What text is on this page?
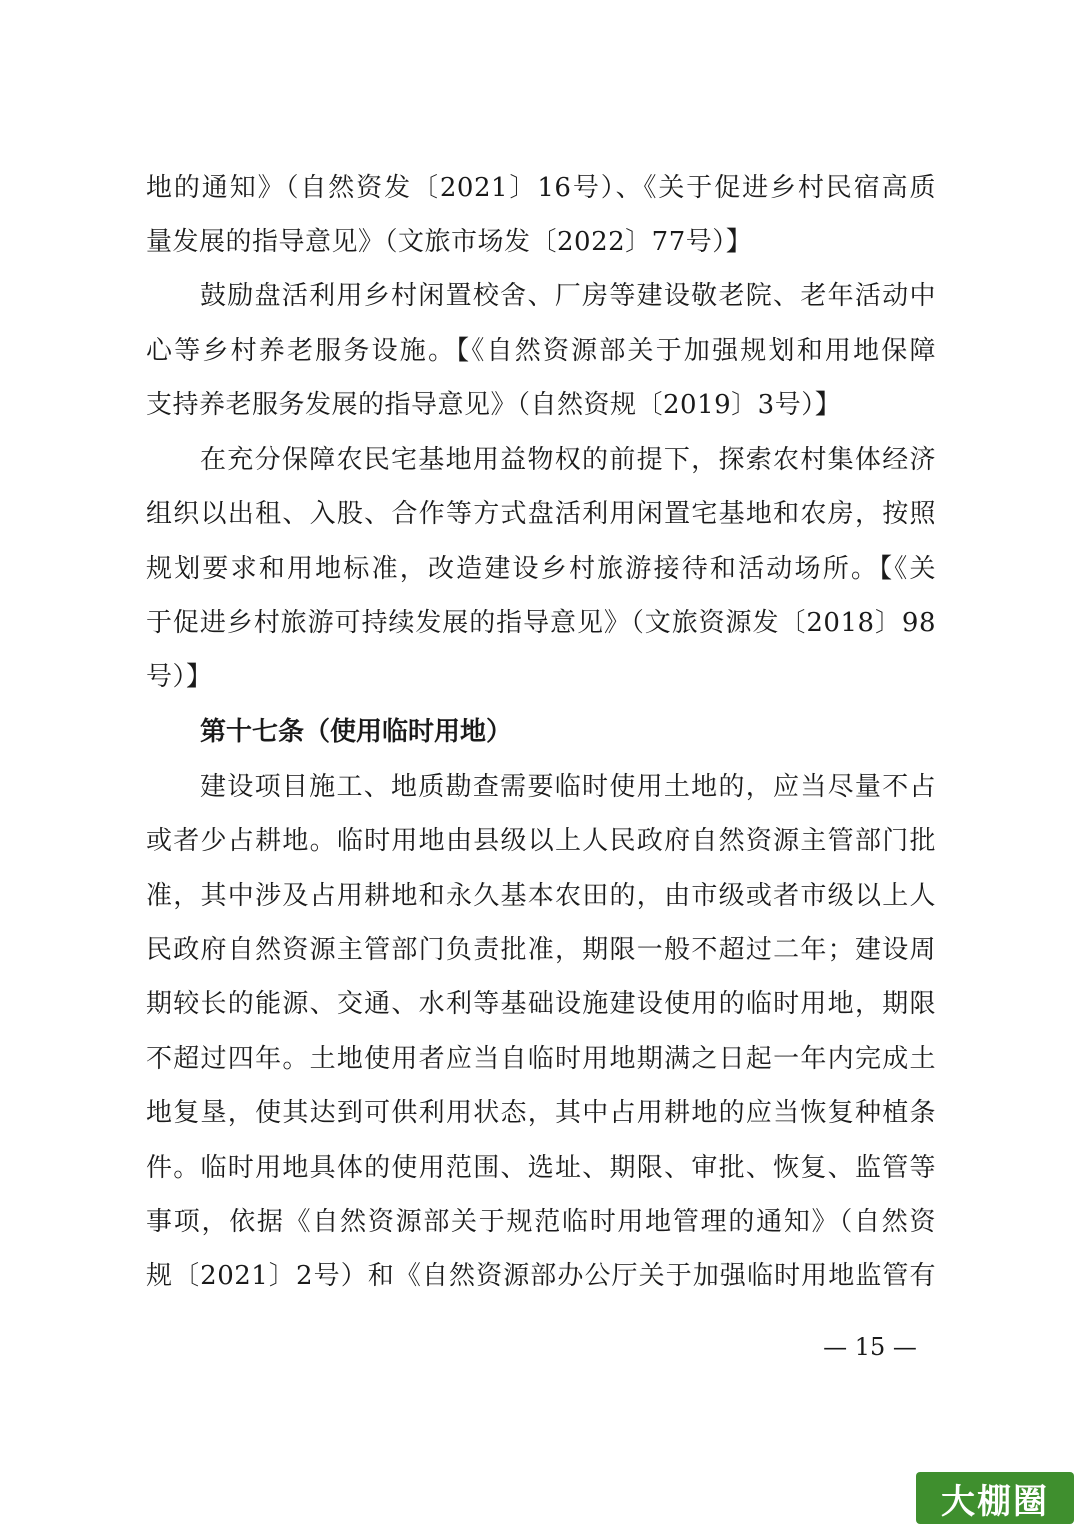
地的通知》（自然资发〔2021〕16号）、《关于促进乡村民宿高质
量发展的指导意见》（文旅市场发〔2022〕77号）】
鼓励盘活利用乡村闲置校舍、厂房等建设敬老院、老年活动中
心等乡村养老服务设施。【《自然资源部关于加强规划和用地保障
支持养老服务发展的指导意见》（自然资规〔2019〕3号）】
在充分保障农民宅基地用益物权的前提下，探索农村集体经济
组织以出租、入股、合作等方式盘活利用闲置宅基地和农房，按照
规划要求和用地标准，改造建设乡村旅游接待和活动场所。【《关
于促进乡村旅游可持续发展的指导意见》（文旅资源发〔2018〕98
号）】
第十七条（使用临时用地）
建设项目施工、地质勘查需要临时使用土地的，应当尽量不占
或者少占耕地。临时用地由县级以上人民政府自然资源主管部门批
准，其中涉及占用耕地和永久基本农田的，由市级或者市级以上人
民政府自然资源主管部门负责批准，期限一般不超过二年；建设周
期较长的能源、交通、水利等基础设施建设使用的临时用地，期限
不超过四年。土地使用者应当自临时用地期满之日起一年内完成土
地复垦，使其达到可供利用状态，其中占用耕地的应当恢复种植条
件。临时用地具体的使用范围、选址、期限、审批、恢复、监管等
事项，依据《自然资源部关于规范临时用地管理的通知》（自然资
规〔2021〕2号）和《自然资源部办公厅关于加强临时用地监管有
— 15 —
大棚圈
